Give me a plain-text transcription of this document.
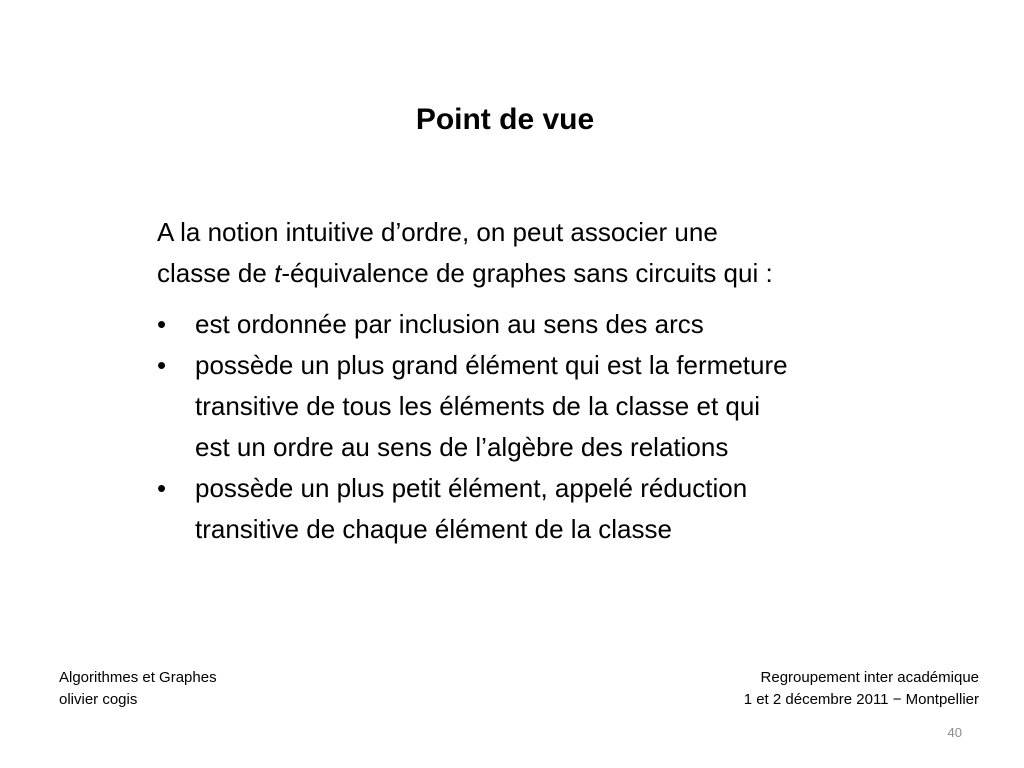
Point de vue
A la notion intuitive d’ordre, on peut associer une
classe de t-équivalence de graphes sans circuits qui :
• est ordonnée par inclusion au sens des arcs
• possède un plus grand élément qui est la fermeture
transitive de tous les éléments de la classe et qui
est un ordre au sens de l’algèbre des relations
• possède un plus petit élément, appelé réduction
transitive de chaque élément de la classe
Algorithmes et Graphes
olivier cogis
Regroupement inter académique
1 et 2 décembre 2011 − Montpellier
40
